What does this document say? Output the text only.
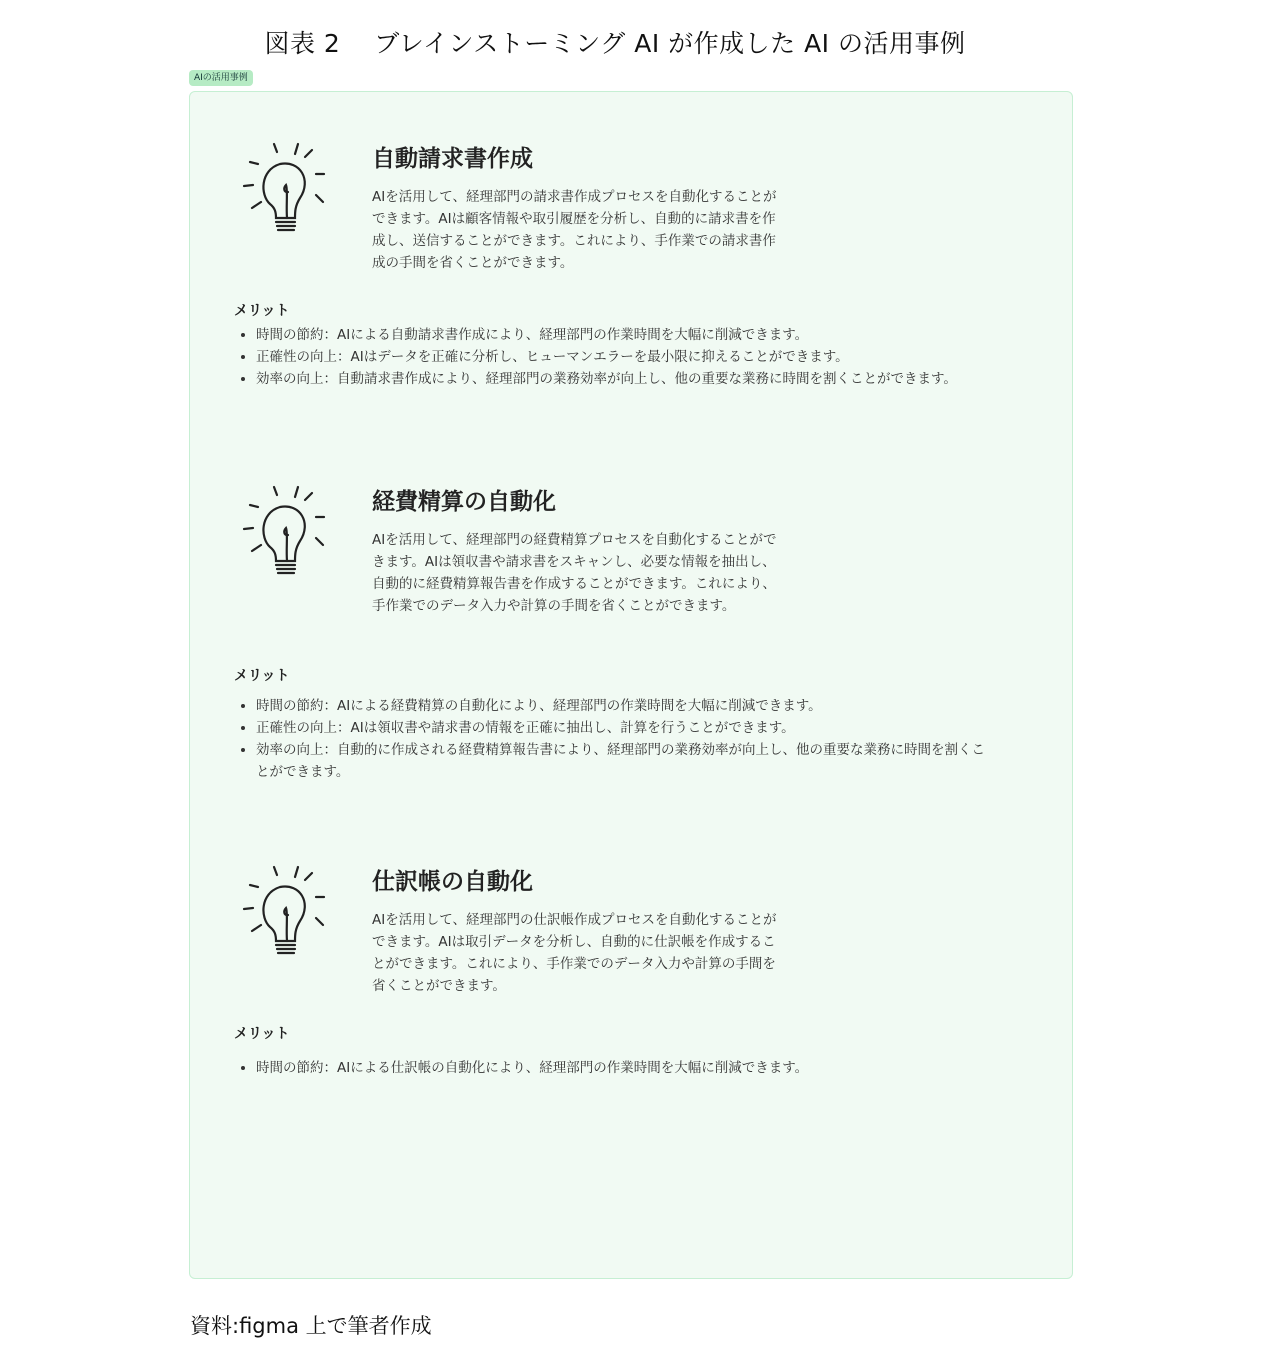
図表 2　 ブレインストーミング AI が作成した AI の活用事例
AIの活用事例
自動請求書作成
AIを活用して、経理部門の請求書作成プロセスを自動化することができます。AIは顧客情報や取引履歴を分析し、自動的に請求書を作成し、送信することができます。これにより、手作業での請求書作成の手間を省くことができます。
メリット
• 時間の節約：AIによる自動請求書作成により、経理部門の作業時間を大幅に削減できます。
• 正確性の向上：AIはデータを正確に分析し、ヒューマンエラーを最小限に抑えることができます。
• 効率の向上：自動請求書作成により、経理部門の業務効率が向上し、他の重要な業務に時間を割くことができます。
経費精算の自動化
AIを活用して、経理部門の経費精算プロセスを自動化することができます。AIは領収書や請求書をスキャンし、必要な情報を抽出し、自動的に経費精算報告書を作成することができます。これにより、手作業でのデータ入力や計算の手間を省くことができます。
メリット
• 時間の節約：AIによる経費精算の自動化により、経理部門の作業時間を大幅に削減できます。
• 正確性の向上：AIは領収書や請求書の情報を正確に抽出し、計算を行うことができます。
• 効率の向上：自動的に作成される経費精算報告書により、経理部門の業務効率が向上し、他の重要な業務に時間を割くことができます。
仕訳帳の自動化
AIを活用して、経理部門の仕訳帳作成プロセスを自動化することができます。AIは取引データを分析し、自動的に仕訳帳を作成することができます。これにより、手作業でのデータ入力や計算の手間を省くことができます。
メリット
• 時間の節約：AIによる仕訳帳の自動化により、経理部門の作業時間を大幅に削減できます。
資料:figma 上で筆者作成
